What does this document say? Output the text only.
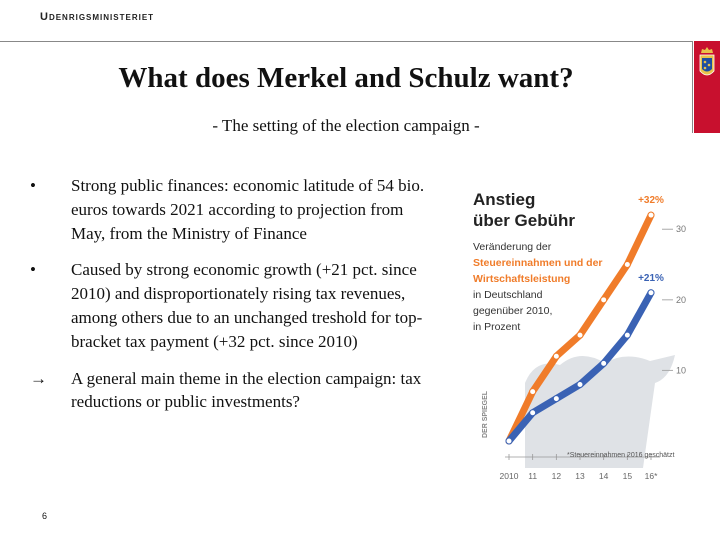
Udenrigsministeriet
What does Merkel and Schulz want?
- The setting of the election campaign -
•	Strong public finances: economic latitude of 54 bio. euros towards 2021 according to projection from May, from the Ministry of Finance
•	Caused by strong economic growth (+21 pct. since 2010) and disproportionately rising tax revenues, among others due to an unchanged treshold for top-bracket tax payment (+32 pct. since 2010)
→	A general main theme in the election campaign: tax reductions or public investments?
6
10
20
30
2010 11 12 13 14 15 16*
+32%
+21%
Anstieg
über Gebühr
Veränderung der
Steuereinnahmen und der
Wirtschaftsleistung
in Deutschland
gegenüber 2010,
in Prozent
DER SPIEGEL
*Steuereinnahmen 2016 geschätzt
